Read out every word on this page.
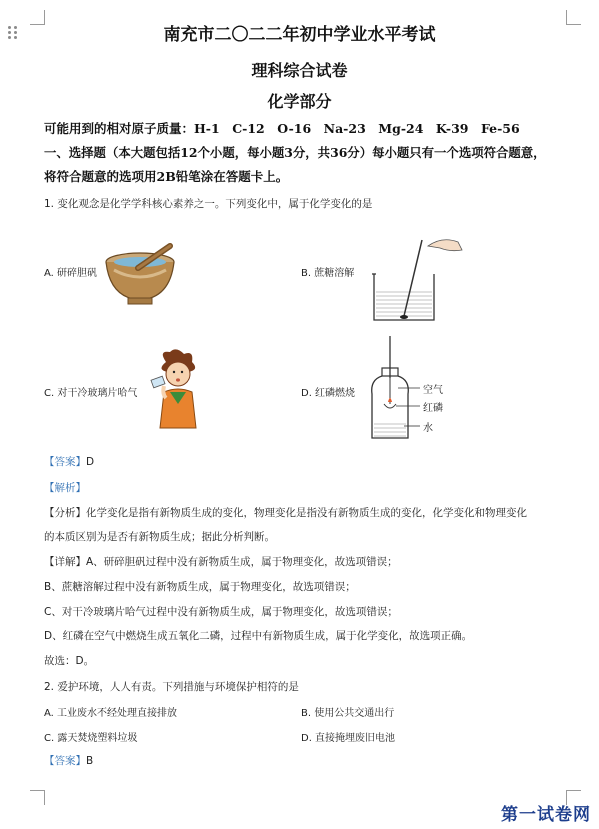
南充市二〇二二年初中学业水平考试
理科综合试卷
化学部分
可能用到的相对原子质量：H-1　C-12　O-16　Na-23　Mg-24　K-39　Fe-56
一、选择题（本大题包括12个小题，每小题3分，共36分）每小题只有一个选项符合题意，
将符合题意的选项用2B铅笔涂在答题卡上。
1. 变化观念是化学学科核心素养之一。下列变化中，属于化学变化的是
A. 研碎胆矾	B. 蔗糖溶解
C. 对干冷玻璃片哈气	D. 红磷燃烧	空气
红磷
水
【答案】D
【解析】
【分析】化学变化是指有新物质生成的变化，物理变化是指没有新物质生成的变化，化学变化和物理变化
的本质区别为是否有新物质生成；据此分析判断。
【详解】A、研碎胆矾过程中没有新物质生成，属于物理变化，故选项错误；
B、蔗糖溶解过程中没有新物质生成，属于物理变化，故选项错误；
C、对干冷玻璃片哈气过程中没有新物质生成，属于物理变化，故选项错误；
D、红磷在空气中燃烧生成五氧化二磷，过程中有新物质生成，属于化学变化，故选项正确。
故选：D。
2. 爱护环境，人人有责。下列措施与环境保护相符的是
A. 工业废水不经处理直接排放	B. 使用公共交通出行
C. 露天焚烧塑料垃圾	D. 直接掩埋废旧电池
【答案】B
第一试卷网
